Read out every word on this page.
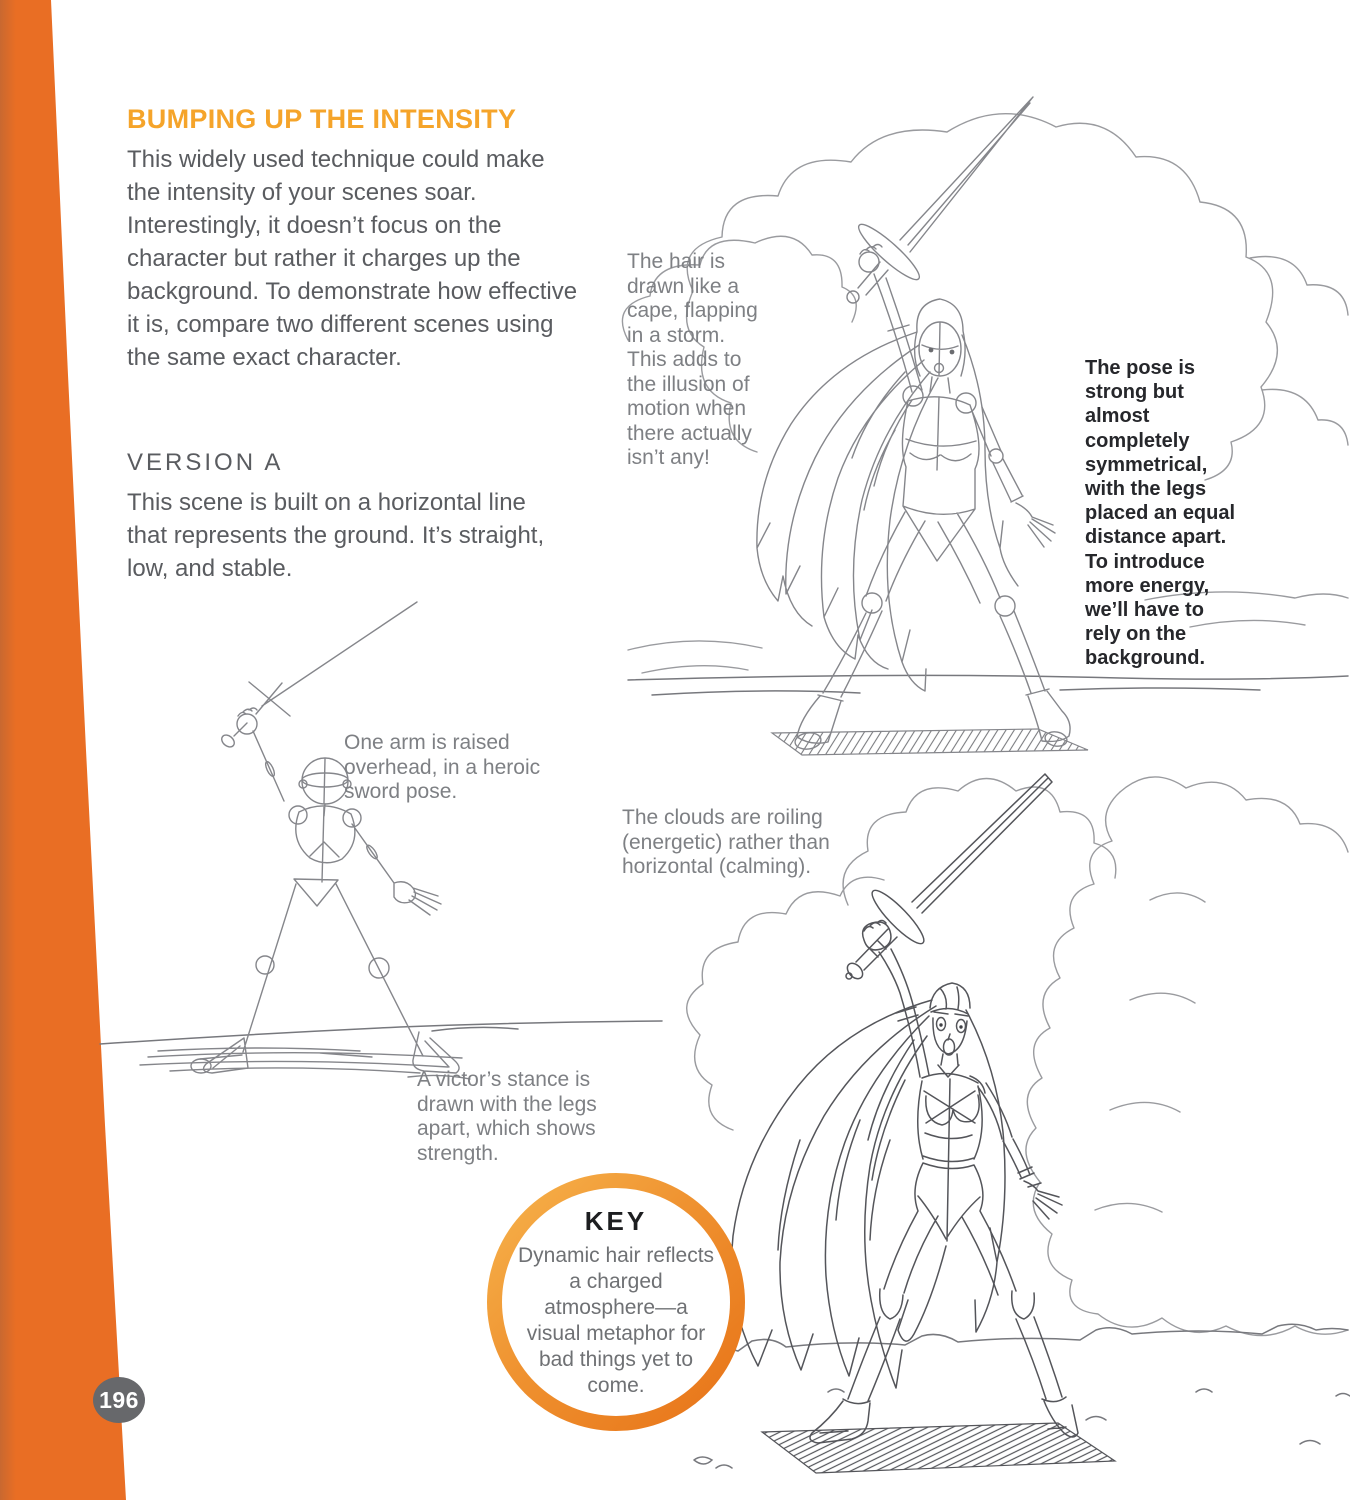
BUMPING UP THE INTENSITY
This widely used technique could make the intensity of your scenes soar. Interestingly, it doesn’t focus on the character but rather it charges up the background. To demonstrate how effective it is, compare two different scenes using the same exact character.
VERSION A
This scene is built on a horizontal line that represents the ground. It’s straight, low, and stable.
The hair is drawn like a cape, flapping in a storm. This adds to the illusion of motion when there actually isn’t any!
The pose is strong but almost completely symmetrical, with the legs placed an equal distance apart. To introduce more energy, we’ll have to rely on the background.
One arm is raised overhead, in a heroic sword pose.
The clouds are roiling (energetic) rather than horizontal (calming).
A victor’s stance is drawn with the legs apart, which shows strength.
KEY
Dynamic hair reflects a charged atmosphere—a visual metaphor for bad things yet to come.
196
